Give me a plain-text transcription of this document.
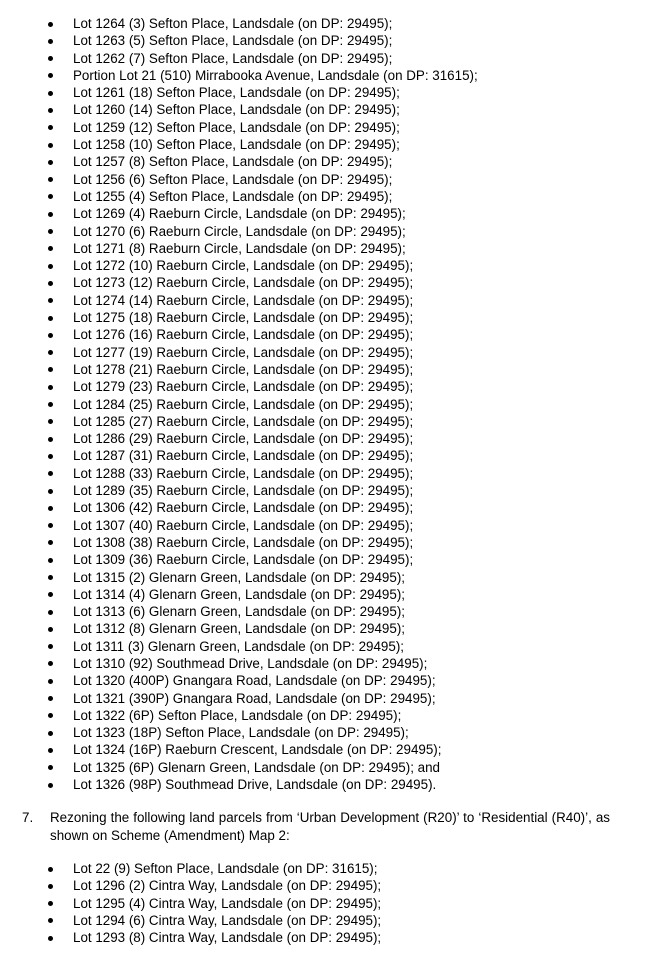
Lot 1264 (3) Sefton Place, Landsdale (on DP: 29495);
Lot 1263 (5) Sefton Place, Landsdale (on DP: 29495);
Lot 1262 (7) Sefton Place, Landsdale (on DP: 29495);
Portion Lot 21 (510) Mirrabooka Avenue, Landsdale (on DP: 31615);
Lot 1261 (18) Sefton Place, Landsdale (on DP: 29495);
Lot 1260 (14) Sefton Place, Landsdale (on DP: 29495);
Lot 1259 (12) Sefton Place, Landsdale (on DP: 29495);
Lot 1258 (10) Sefton Place, Landsdale (on DP: 29495);
Lot 1257 (8) Sefton Place, Landsdale (on DP: 29495);
Lot 1256 (6) Sefton Place, Landsdale (on DP: 29495);
Lot 1255 (4) Sefton Place, Landsdale (on DP: 29495);
Lot 1269 (4) Raeburn Circle, Landsdale (on DP: 29495);
Lot 1270 (6) Raeburn Circle, Landsdale (on DP: 29495);
Lot 1271 (8) Raeburn Circle, Landsdale (on DP: 29495);
Lot 1272 (10) Raeburn Circle, Landsdale (on DP: 29495);
Lot 1273 (12) Raeburn Circle, Landsdale (on DP: 29495);
Lot 1274 (14) Raeburn Circle, Landsdale (on DP: 29495);
Lot 1275 (18) Raeburn Circle, Landsdale (on DP: 29495);
Lot 1276 (16) Raeburn Circle, Landsdale (on DP: 29495);
Lot 1277 (19) Raeburn Circle, Landsdale (on DP: 29495);
Lot 1278 (21) Raeburn Circle, Landsdale (on DP: 29495);
Lot 1279 (23) Raeburn Circle, Landsdale (on DP: 29495);
Lot 1284 (25) Raeburn Circle, Landsdale (on DP: 29495);
Lot 1285 (27) Raeburn Circle, Landsdale (on DP: 29495);
Lot 1286 (29) Raeburn Circle, Landsdale (on DP: 29495);
Lot 1287 (31) Raeburn Circle, Landsdale (on DP: 29495);
Lot 1288 (33) Raeburn Circle, Landsdale (on DP: 29495);
Lot 1289 (35) Raeburn Circle, Landsdale (on DP: 29495);
Lot 1306 (42) Raeburn Circle, Landsdale (on DP: 29495);
Lot 1307 (40) Raeburn Circle, Landsdale (on DP: 29495);
Lot 1308 (38) Raeburn Circle, Landsdale (on DP: 29495);
Lot 1309 (36) Raeburn Circle, Landsdale (on DP: 29495);
Lot 1315 (2) Glenarn Green, Landsdale (on DP: 29495);
Lot 1314 (4) Glenarn Green, Landsdale (on DP: 29495);
Lot 1313 (6) Glenarn Green, Landsdale (on DP: 29495);
Lot 1312 (8) Glenarn Green, Landsdale (on DP: 29495);
Lot 1311 (3) Glenarn Green, Landsdale (on DP: 29495);
Lot 1310 (92) Southmead Drive, Landsdale (on DP: 29495);
Lot 1320 (400P) Gnangara Road, Landsdale (on DP: 29495);
Lot 1321 (390P) Gnangara Road, Landsdale (on DP: 29495);
Lot 1322 (6P) Sefton Place, Landsdale (on DP: 29495);
Lot 1323 (18P) Sefton Place, Landsdale (on DP: 29495);
Lot 1324 (16P) Raeburn Crescent, Landsdale (on DP: 29495);
Lot 1325 (6P) Glenarn Green, Landsdale (on DP: 29495); and
Lot 1326 (98P) Southmead Drive, Landsdale (on DP: 29495).
7. Rezoning the following land parcels from ‘Urban Development (R20)’ to ‘Residential (R40)’, as shown on Scheme (Amendment) Map 2:
Lot 22 (9) Sefton Place, Landsdale (on DP: 31615);
Lot 1296 (2) Cintra Way, Landsdale (on DP: 29495);
Lot 1295 (4) Cintra Way, Landsdale (on DP: 29495);
Lot 1294 (6) Cintra Way, Landsdale (on DP: 29495);
Lot 1293 (8) Cintra Way, Landsdale (on DP: 29495);
